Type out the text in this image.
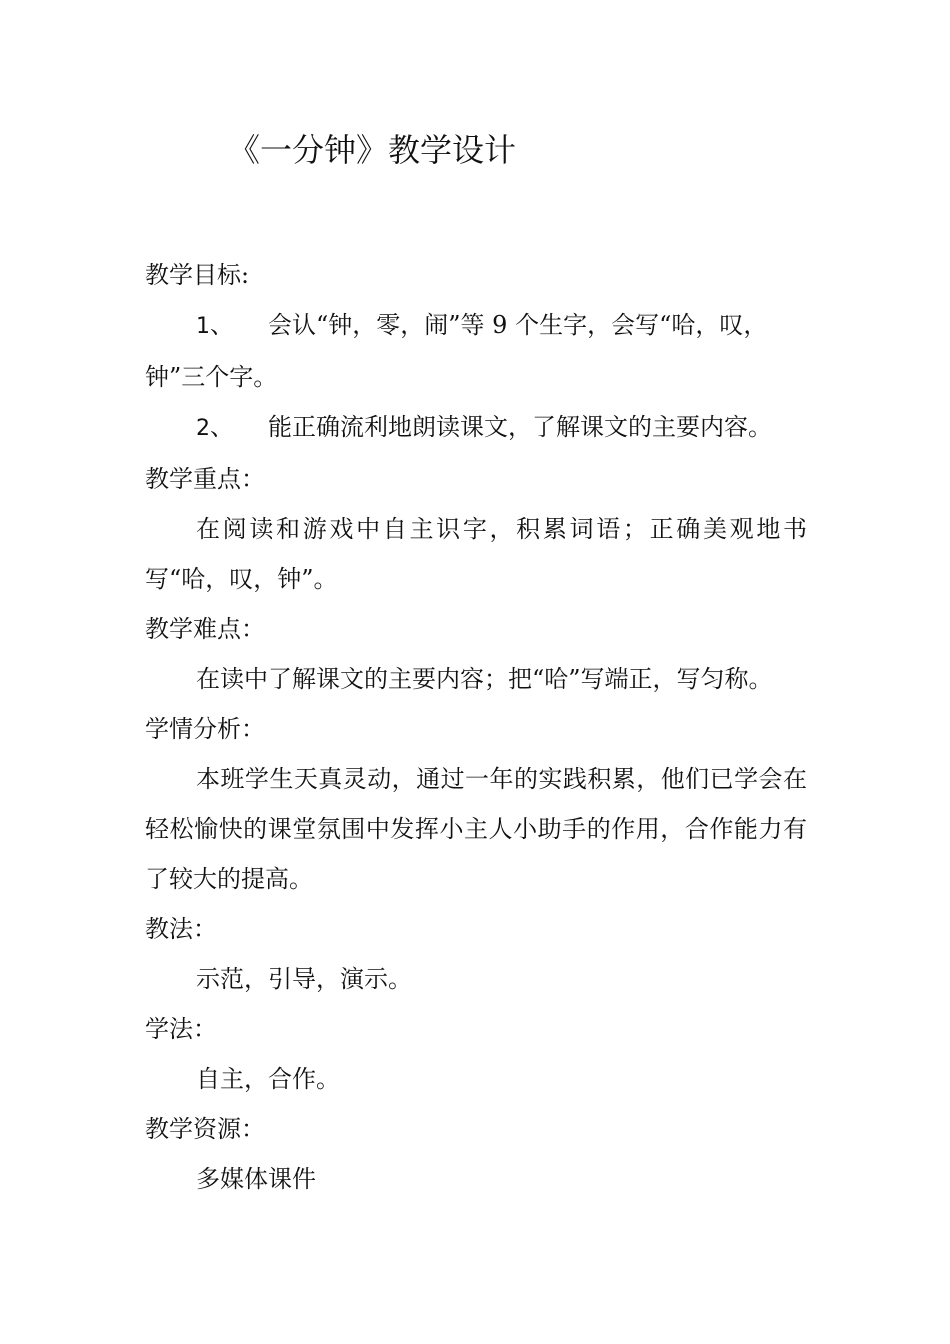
《一分钟》教学设计

教学目标:

1、 会认“钟，零，闹”等 9 个生字，会写“哈，叹，钟”三个字。

2、 能正确流利地朗读课文，了解课文的主要内容。

教学重点：

在阅读和游戏中自主识字，积累词语；正确美观地书写“哈，叹，钟”。

教学难点：

在读中了解课文的主要内容；把“哈”写端正，写匀称。

学情分析：

本班学生天真灵动，通过一年的实践积累，他们已学会在轻松愉快的课堂氛围中发挥小主人小助手的作用，合作能力有了较大的提高。

教法：

示范，引导，演示。

学法：

自主，合作。

教学资源：

多媒体课件
